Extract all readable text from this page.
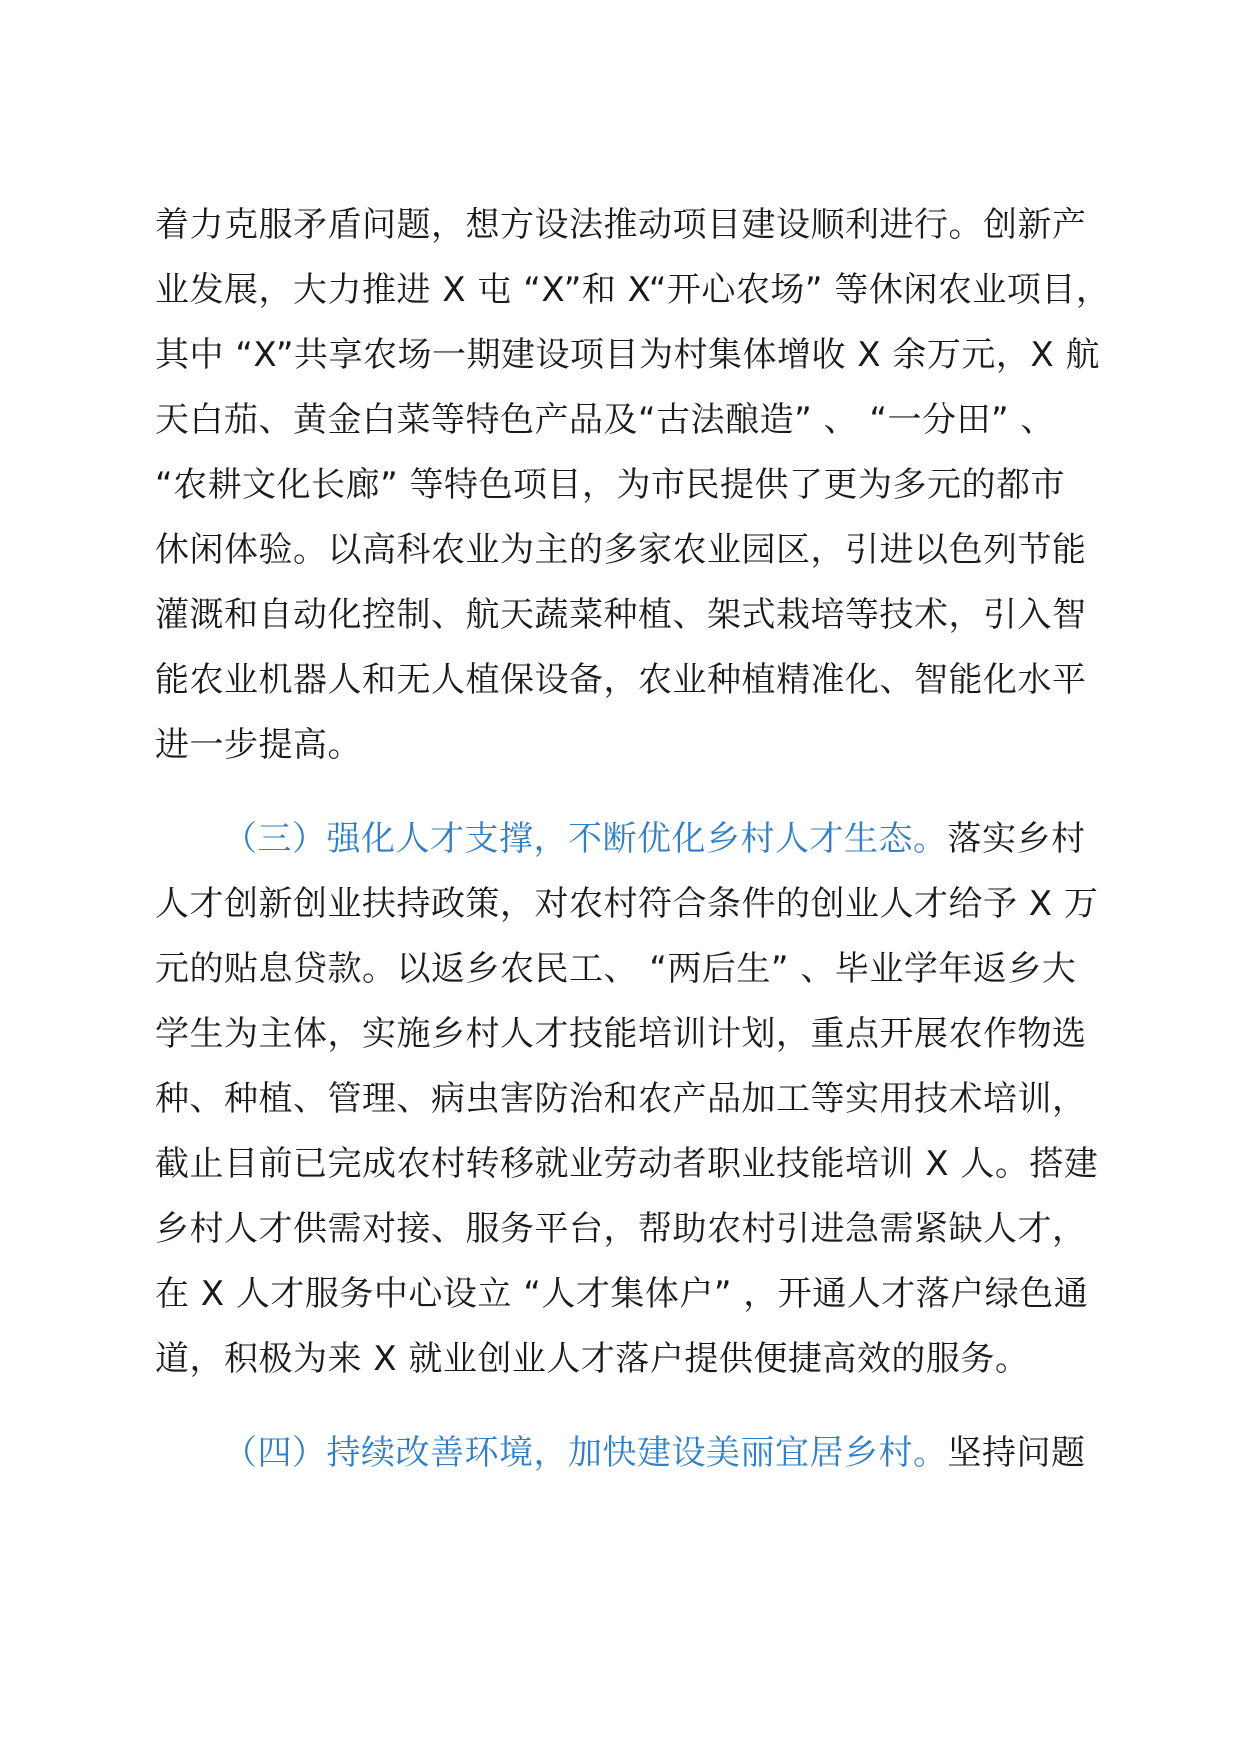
着力克服矛盾问题，想方设法推动项目建设顺利进行。创新产
业发展，大力推进 X 屯 “X”和 X“开心农场” 等休闲农业项目，
其中 “X”共享农场一期建设项目为村集体增收 X 余万元，X 航
天白茄、黄金白菜等特色产品及“古法酿造” 、 “一分田” 、
“农耕文化长廊” 等特色项目，为市民提供了更为多元的都市
休闲体验。以高科农业为主的多家农业园区，引进以色列节能
灌溉和自动化控制、航天蔬菜种植、架式栽培等技术，引入智
能农业机器人和无人植保设备，农业种植精准化、智能化水平
进一步提高。
（三）强化人才支撑，不断优化乡村人才生态。落实乡村
人才创新创业扶持政策，对农村符合条件的创业人才给予 X 万
元的贴息贷款。以返乡农民工、 “两后生” 、毕业学年返乡大
学生为主体，实施乡村人才技能培训计划，重点开展农作物选
种、种植、管理、病虫害防治和农产品加工等实用技术培训，
截止目前已完成农村转移就业劳动者职业技能培训 X 人。搭建
乡村人才供需对接、服务平台，帮助农村引进急需紧缺人才，
在 X 人才服务中心设立 “人才集体户” ，开通人才落户绿色通
道，积极为来 X 就业创业人才落户提供便捷高效的服务。
（四）持续改善环境，加快建设美丽宜居乡村。坚持问题
